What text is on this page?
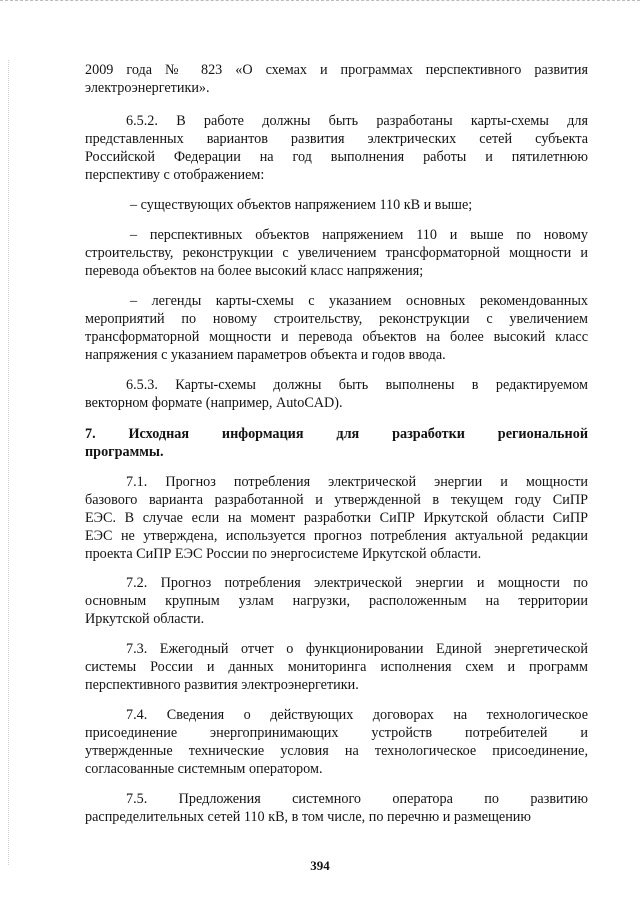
2009 года № 823 «О схемах и программах перспективного развития

электроэнергетики».

6.5.2. В работе должны быть разработаны карты-схемы для

представленных вариантов развития электрических сетей субъекта

Российской Федерации на год выполнения работы и пятилетнюю

перспективу с отображением:

– существующих объектов напряжением 110 кВ и выше;

– перспективных объектов напряжением 110 и выше по новому

строительству, реконструкции с увеличением трансформаторной мощности и

перевода объектов на более высокий класс напряжения;

– легенды карты-схемы с указанием основных рекомендованных

мероприятий по новому строительству, реконструкции с увеличением

трансформаторной мощности и перевода объектов на более высокий класс

напряжения с указанием параметров объекта и годов ввода.

6.5.3. Карты-схемы должны быть выполнены в редактируемом

векторном формате (например, AutoCAD).

7. Исходная информация для разработки региональной

программы.

7.1. Прогноз потребления электрической энергии и мощности

базового варианта разработанной и утвержденной в текущем году СиПР

ЕЭС. В случае если на момент разработки СиПР Иркутской области СиПР

ЕЭС не утверждена, используется прогноз потребления актуальной редакции

проекта СиПР ЕЭС России по энергосистеме Иркутской области.

7.2. Прогноз потребления электрической энергии и мощности по

основным крупным узлам нагрузки, расположенным на территории

Иркутской области.

7.3. Ежегодный отчет о функционировании Единой энергетической

системы России и данных мониторинга исполнения схем и программ

перспективного развития электроэнергетики.

7.4. Сведения о действующих договорах на технологическое

присоединение энергопринимающих устройств потребителей и

утвержденные технические условия на технологическое присоединение,

согласованные системным оператором.

7.5. Предложения системного оператора по развитию

распределительных сетей 110 кВ, в том числе, по перечню и размещению

394
